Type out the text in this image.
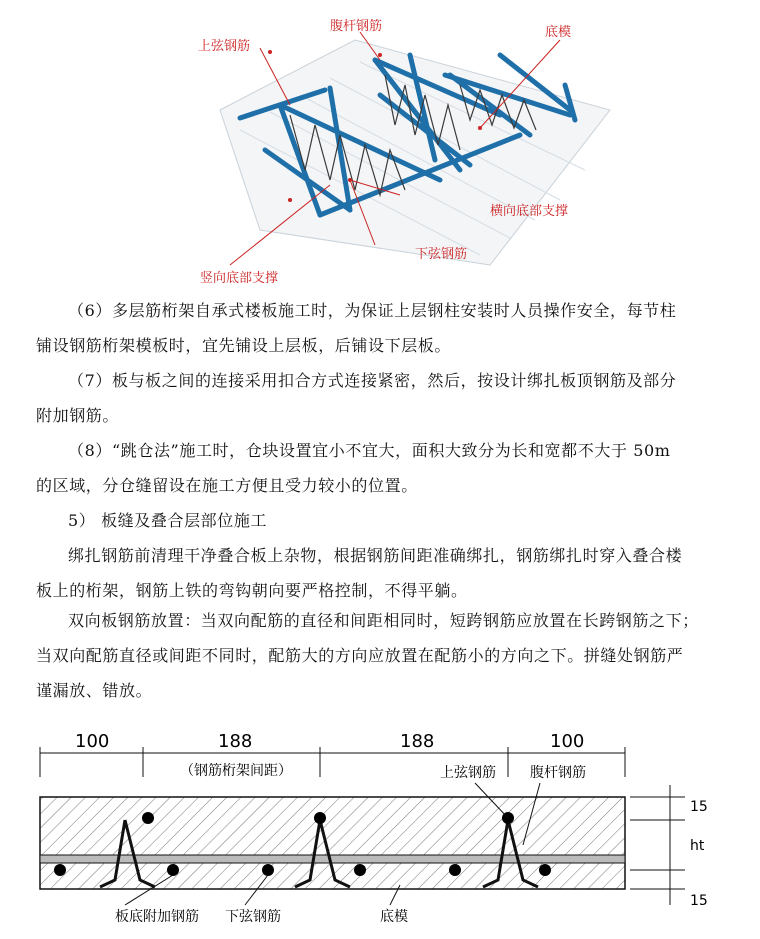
上弦钢筋
腹杆钢筋	底模
横向底部支撑
下弦钢筋
竖向底部支撑

（6）多层筋桁架自承式楼板施工时，为保证上层钢柱安装时人员操作安全，每节柱

铺设钢筋桁架模板时，宜先铺设上层板，后铺设下层板。

（7）板与板之间的连接采用扣合方式连接紧密，然后，按设计绑扎板顶钢筋及部分

附加钢筋。

（8）“跳仓法”施工时，仓块设置宜小不宜大，面积大致分为长和宽都不大于 50m

的区域，分仓缝留设在施工方便且受力较小的位置。

5） 板缝及叠合层部位施工

绑扎钢筋前清理干净叠合板上杂物，根据钢筋间距准确绑扎，钢筋绑扎时穿入叠合楼

板上的桁架，钢筋上铁的弯钩朝向要严格控制，不得平躺。

双向板钢筋放置：当双向配筋的直径和间距相同时，短跨钢筋应放置在长跨钢筋之下；

当双向配筋直径或间距不同时，配筋大的方向应放置在配筋小的方向之下。拼缝处钢筋严

谨漏放、错放。

100	188	188	100
（钢筋桁架间距）
15
ht
15
上弦钢筋 腹杆钢筋
板底附加钢筋 下弦钢筋	底模
